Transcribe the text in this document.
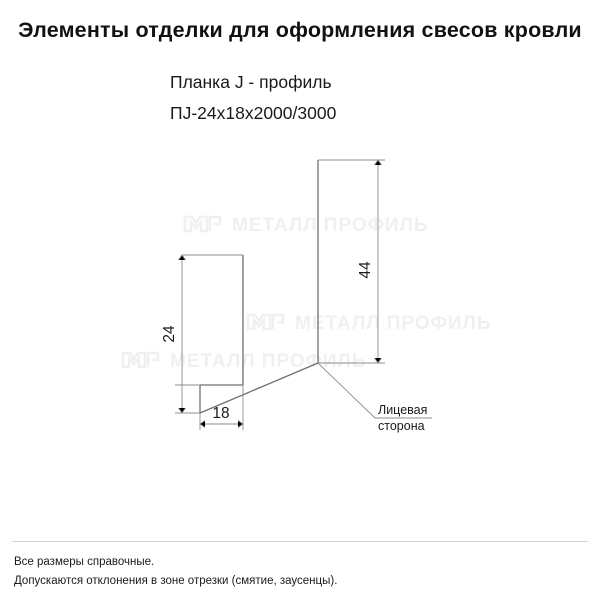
Элементы отделки для оформления свесов кровли
Планка J - профиль
ПJ-24x18x2000/3000
МЕТАЛЛ ПРОФИЛЬ
МЕТАЛЛ ПРОФИЛЬ
МЕТАЛЛ ПРОФИЛЬ
44
24
18	Лицевая
сторона
Все размеры справочные.
Допускаются отклонения в зоне отрезки (смятие, заусенцы).
